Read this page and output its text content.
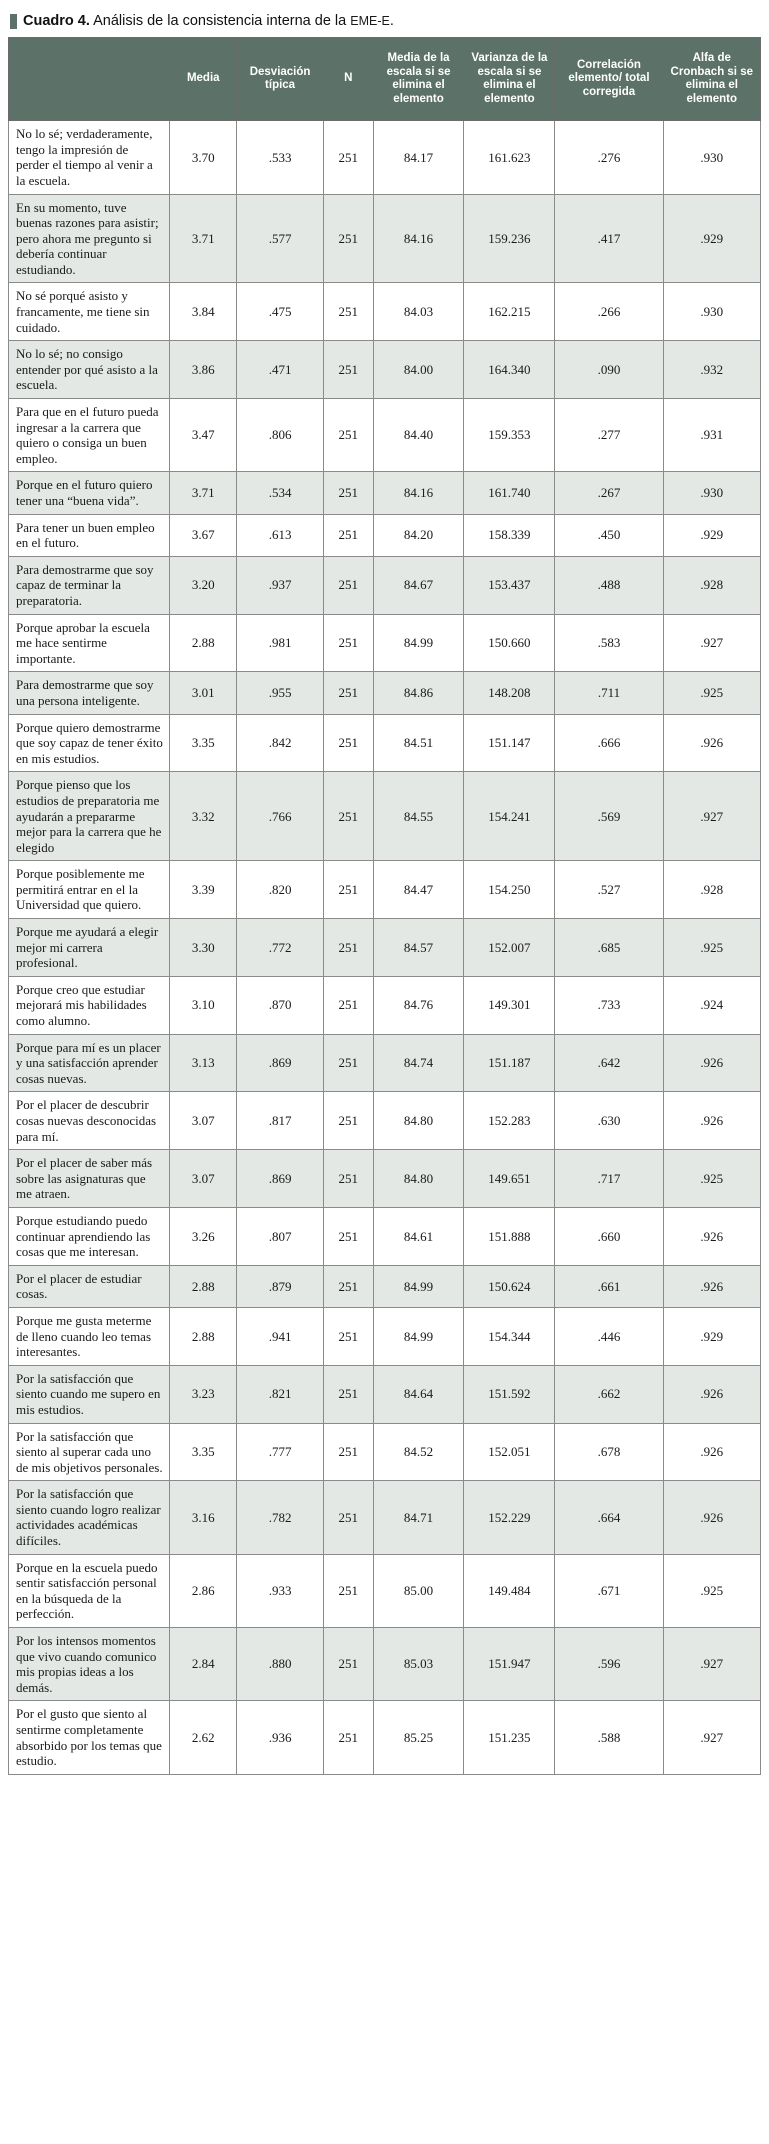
Cuadro 4. Análisis de la consistencia interna de la EME-E.
	Media	Desviación típica	N	Media de la escala si se elimina el elemento	Varianza de la escala si se elimina el elemento	Correlación elemento/ total corregida	Alfa de Cronbach si se elimina el elemento
No lo sé; verdaderamente, tengo la impresión de perder el tiempo al venir a la escuela.	3.70	.533	251	84.17	161.623	.276	.930
En su momento, tuve buenas razones para asistir; pero ahora me pregunto si debería continuar estudiando.	3.71	.577	251	84.16	159.236	.417	.929
No sé porqué asisto y francamente, me tiene sin cuidado.	3.84	.475	251	84.03	162.215	.266	.930
No lo sé; no consigo entender por qué asisto a la escuela.	3.86	.471	251	84.00	164.340	.090	.932
Para que en el futuro pueda ingresar a la carrera que quiero o consiga un buen empleo.	3.47	.806	251	84.40	159.353	.277	.931
Porque en el futuro quiero tener una “buena vida”.	3.71	.534	251	84.16	161.740	.267	.930
Para tener un buen empleo en el futuro.	3.67	.613	251	84.20	158.339	.450	.929
Para demostrarme que soy capaz de terminar la preparatoria.	3.20	.937	251	84.67	153.437	.488	.928
Porque aprobar la escuela me hace sentirme importante.	2.88	.981	251	84.99	150.660	.583	.927
Para demostrarme que soy una persona inteligente.	3.01	.955	251	84.86	148.208	.711	.925
Porque quiero demostrarme que soy capaz de tener éxito en mis estudios.	3.35	.842	251	84.51	151.147	.666	.926
Porque pienso que los estudios de preparatoria me ayudarán a prepararme mejor para la carrera que he elegido	3.32	.766	251	84.55	154.241	.569	.927
Porque posiblemente me permitirá entrar en el la Universidad que quiero.	3.39	.820	251	84.47	154.250	.527	.928
Porque me ayudará a elegir mejor mi carrera profesional.	3.30	.772	251	84.57	152.007	.685	.925
Porque creo que estudiar mejorará mis habilidades como alumno.	3.10	.870	251	84.76	149.301	.733	.924
Porque para mí es un placer y una satisfacción aprender cosas nuevas.	3.13	.869	251	84.74	151.187	.642	.926
Por el placer de descubrir cosas nuevas desconocidas para mí.	3.07	.817	251	84.80	152.283	.630	.926
Por el placer de saber más sobre las asignaturas que me atraen.	3.07	.869	251	84.80	149.651	.717	.925
Porque estudiando puedo continuar aprendiendo las cosas que me interesan.	3.26	.807	251	84.61	151.888	.660	.926
Por el placer de estudiar cosas.	2.88	.879	251	84.99	150.624	.661	.926
Porque me gusta meterme de lleno cuando leo temas interesantes.	2.88	.941	251	84.99	154.344	.446	.929
Por la satisfacción que siento cuando me supero en mis estudios.	3.23	.821	251	84.64	151.592	.662	.926
Por la satisfacción que siento al superar cada uno de mis objetivos personales.	3.35	.777	251	84.52	152.051	.678	.926
Por la satisfacción que siento cuando logro realizar actividades académicas difíciles.	3.16	.782	251	84.71	152.229	.664	.926
Porque en la escuela puedo sentir satisfacción personal en la búsqueda de la perfección.	2.86	.933	251	85.00	149.484	.671	.925
Por los intensos momentos que vivo cuando comunico mis propias ideas a los demás.	2.84	.880	251	85.03	151.947	.596	.927
Por el gusto que siento al sentirme completamente absorbido por los temas que estudio.	2.62	.936	251	85.25	151.235	.588	.927
